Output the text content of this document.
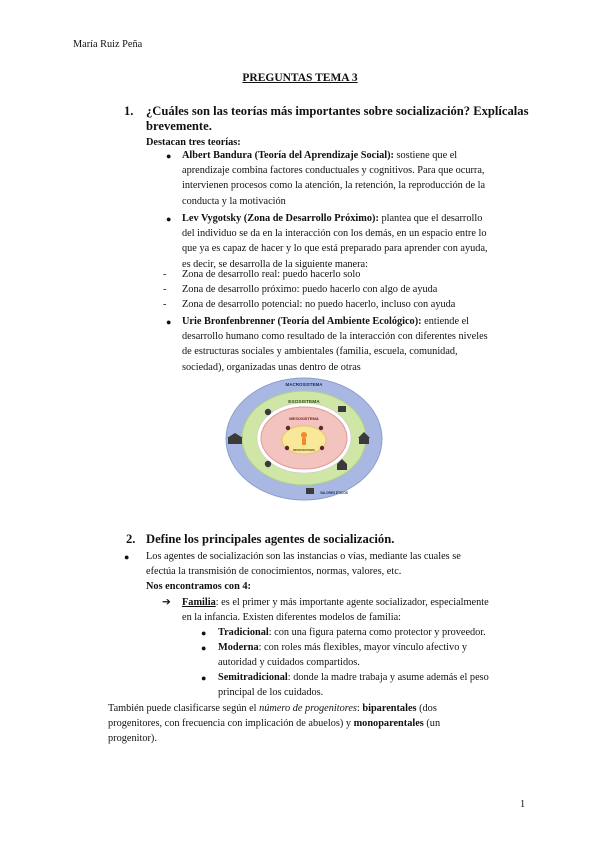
María Ruiz Peña
PREGUNTAS TEMA 3
1. ¿Cuáles son las teorías más importantes sobre socialización? Explícalas
brevemente.
Destacan tres teorías:
● Albert Bandura (Teoría del Aprendizaje Social): sostiene que el
aprendizaje combina factores conductuales y cognitivos. Para que ocurra,
intervienen procesos como la atención, la retención, la reproducción de la
conducta y la motivación
● Lev Vygotsky (Zona de Desarrollo Próximo): plantea que el desarrollo
del individuo se da en la interacción con los demás, en un espacio entre lo
que ya es capaz de hacer y lo que está preparado para aprender con ayuda,
es decir, se desarrolla de la siguiente manera:
- Zona de desarrollo real: puedo hacerlo solo
- Zona de desarrollo próximo: puedo hacerlo con algo de ayuda
- Zona de desarrollo potencial: no puedo hacerlo, incluso con ayuda
● Urie Bronfenbrenner (Teoría del Ambiente Ecológico): entiende el
desarrollo humano como resultado de la interacción con diferentes niveles
de estructuras sociales y ambientales (familia, escuela, comunidad,
sociedad), organizadas unas dentro de otras
MACROSISTEMA
EXOSISTEMA
MESOSISTEMA
MICROSISTEMA
VALORES ÉTICOS
2. Define los principales agentes de socialización.
● Los agentes de socialización son las instancias o vías, mediante las cuales se
efectúa la transmisión de conocimientos, normas, valores, etc.
Nos encontramos con 4:
➔ Familia: es el primer y más importante agente socializador, especialmente
en la infancia. Existen diferentes modelos de familia:
● Tradicional: con una figura paterna como protector y proveedor.
● Moderna: con roles más flexibles, mayor vínculo afectivo y
autoridad y cuidados compartidos.
● Semitradicional: donde la madre trabaja y asume además el peso
principal de los cuidados.
También puede clasificarse según el número de progenitores: biparentales (dos
progenitores, con frecuencia con implicación de abuelos) y monoparentales (un
progenitor).
1
